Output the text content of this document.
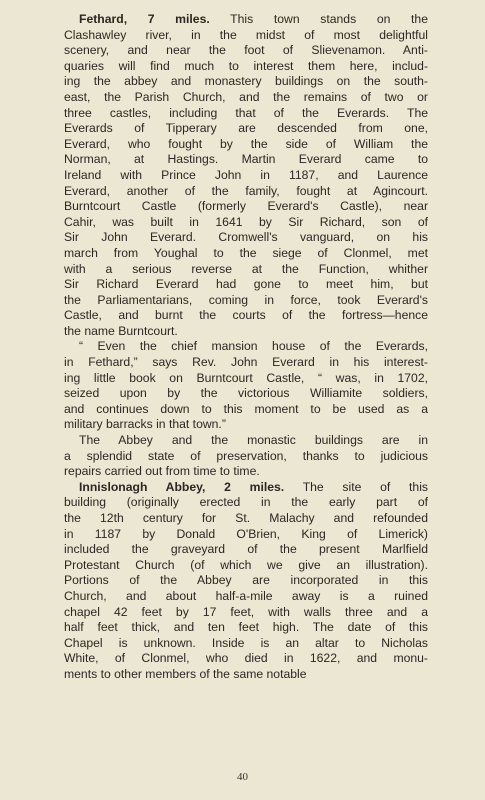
Fethard, 7 miles. This town stands on the
Clashawley river, in the midst of most delightful
scenery, and near the foot of Slievenamon. Anti-
quaries will find much to interest them here, includ-
ing the abbey and monastery buildings on the south-
east, the Parish Church, and the remains of two or
three castles, including that of the Everards. The
Everards of Tipperary are descended from one,
Everard, who fought by the side of William the
Norman, at Hastings. Martin Everard came to
Ireland with Prince John in 1187, and Laurence
Everard, another of the family, fought at Agincourt.
Burntcourt Castle (formerly Everard's Castle), near
Cahir, was built in 1641 by Sir Richard, son of
Sir John Everard. Cromwell's vanguard, on his
march from Youghal to the siege of Clonmel, met
with a serious reverse at the Function, whither
Sir Richard Everard had gone to meet him, but
the Parliamentarians, coming in force, took Everard's
Castle, and burnt the courts of the fortress—hence
the name Burntcourt.
“ Even the chief mansion house of the Everards,
in Fethard,” says Rev. John Everard in his interest-
ing little book on Burntcourt Castle, “ was, in 1702,
seized upon by the victorious Williamite soldiers,
and continues down to this moment to be used as a
military barracks in that town.”
The Abbey and the monastic buildings are in
a splendid state of preservation, thanks to judicious
repairs carried out from time to time.
Innislonagh Abbey, 2 miles. The site of this
building (originally erected in the early part of
the 12th century for St. Malachy and refounded
in 1187 by Donald O'Brien, King of Limerick)
included the graveyard of the present Marlfield
Protestant Church (of which we give an illustration).
Portions of the Abbey are incorporated in this
Church, and about half-a-mile away is a ruined
chapel 42 feet by 17 feet, with walls three and a
half feet thick, and ten feet high. The date of this
Chapel is unknown. Inside is an altar to Nicholas
White, of Clonmel, who died in 1622, and monu-
ments to other members of the same notable
40
